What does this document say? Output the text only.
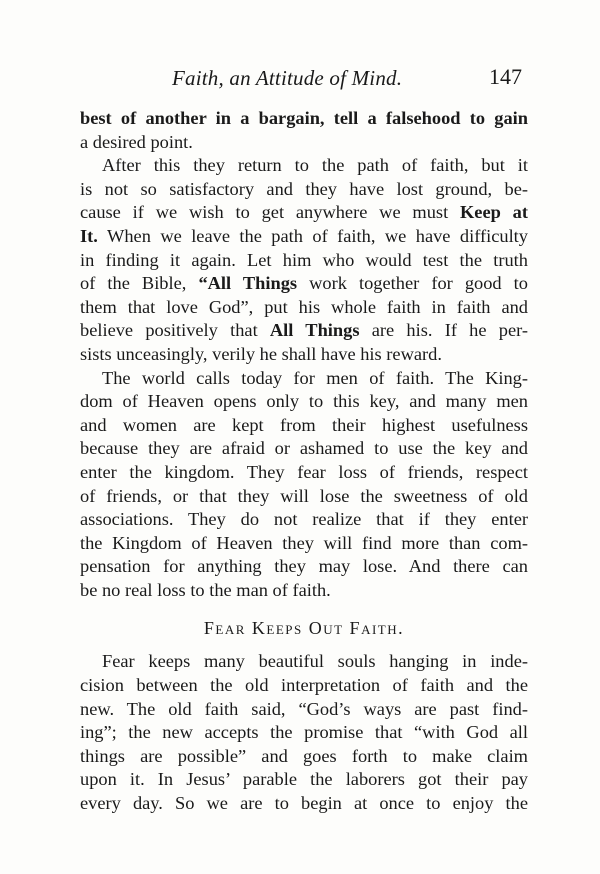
Faith, an Attitude of Mind.	147
best of another in a bargain, tell a falsehood to gain
a desired point.
After this they return to the path of faith, but it
is not so satisfactory and they have lost ground, be-
cause if we wish to get anywhere we must Keep at
It. When we leave the path of faith, we have difficulty
in finding it again. Let him who would test the truth
of the Bible, “All Things work together for good to
them that love God”, put his whole faith in faith and
believe positively that All Things are his. If he per-
sists unceasingly, verily he shall have his reward.
The world calls today for men of faith. The King-
dom of Heaven opens only to this key, and many men
and women are kept from their highest usefulness
because they are afraid or ashamed to use the key and
enter the kingdom. They fear loss of friends, respect
of friends, or that they will lose the sweetness of old
associations. They do not realize that if they enter
the Kingdom of Heaven they will find more than com-
pensation for anything they may lose. And there can
be no real loss to the man of faith.
Fear Keeps Out Faith.
Fear keeps many beautiful souls hanging in inde-
cision between the old interpretation of faith and the
new. The old faith said, “God’s ways are past find-
ing”; the new accepts the promise that “with God all
things are possible” and goes forth to make claim
upon it. In Jesus’ parable the laborers got their pay
every day. So we are to begin at once to enjoy the
